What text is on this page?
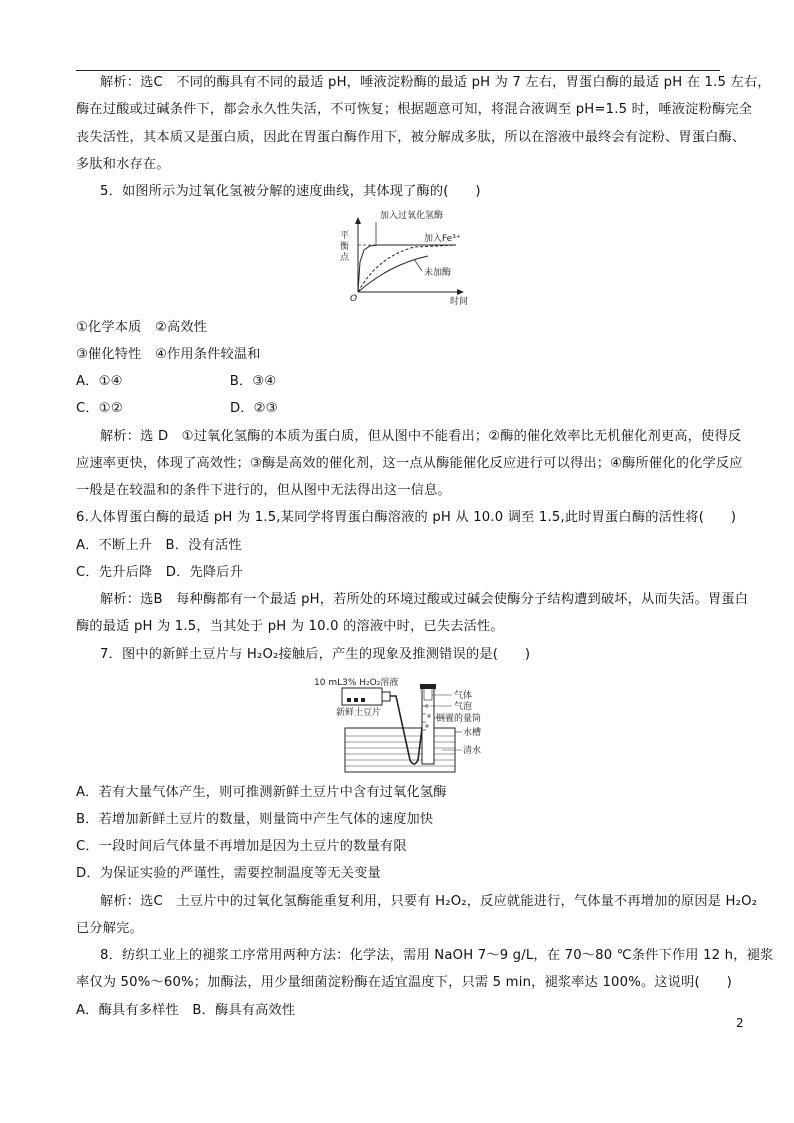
解析：选C　不同的酶具有不同的最适 pH，唾液淀粉酶的最适 pH 为 7 左右，胃蛋白酶的最适 pH 在 1.5 左右，
酶在过酸或过碱条件下，都会永久性失活，不可恢复；根据题意可知，将混合液调至 pH=1.5 时，唾液淀粉酶完全
丧失活性，其本质又是蛋白质，因此在胃蛋白酶作用下，被分解成多肽，所以在溶液中最终会有淀粉、胃蛋白酶、
多肽和水存在。
5．如图所示为过氧化氢被分解的速度曲线，其体现了酶的(　　)
加入过氧化氢酶
平
衡
点
加入Fe³⁺
未加酶
O	时间
①化学本质　②高效性
③催化特性　④作用条件较温和
A．①④　　　　　　　　B．③④
C．①②　　　　　　　　D．②③
解析：选 D　①过氧化氢酶的本质为蛋白质，但从图中不能看出；②酶的催化效率比无机催化剂更高，使得反
应速率更快，体现了高效性；③酶是高效的催化剂，这一点从酶能催化反应进行可以得出；④酶所催化的化学反应
一般是在较温和的条件下进行的，但从图中无法得出这一信息。
6.人体胃蛋白酶的最适 pH 为 1.5,某同学将胃蛋白酶溶液的 pH 从 10.0 调至 1.5,此时胃蛋白酶的活性将(　　)
A．不断上升　B．没有活性
C．先升后降　D．先降后升
解析：选B　每种酶都有一个最适 pH，若所处的环境过酸或过碱会使酶分子结构遭到破坏，从而失活。胃蛋白
酶的最适 pH 为 1.5，当其处于 pH 为 10.0 的溶液中时，已失去活性。
7．图中的新鲜土豆片与 H₂O₂接触后，产生的现象及推测错误的是(　　)
10 mL3% H₂O₂溶液
新鲜土豆片
气体
气泡
倒置的量筒
水槽
清水
A．若有大量气体产生，则可推测新鲜土豆片中含有过氧化氢酶
B．若增加新鲜土豆片的数量，则量筒中产生气体的速度加快
C．一段时间后气体量不再增加是因为土豆片的数量有限
D．为保证实验的严谨性，需要控制温度等无关变量
解析：选C　土豆片中的过氧化氢酶能重复利用，只要有 H₂O₂，反应就能进行，气体量不再增加的原因是 H₂O₂
已分解完。
8．纺织工业上的褪浆工序常用两种方法：化学法，需用 NaOH 7～9 g/L，在 70～80 ℃条件下作用 12 h，褪浆
率仅为 50%～60%；加酶法，用少量细菌淀粉酶在适宜温度下，只需 5 min，褪浆率达 100%。这说明(　　)
A．酶具有多样性　B．酶具有高效性
2
